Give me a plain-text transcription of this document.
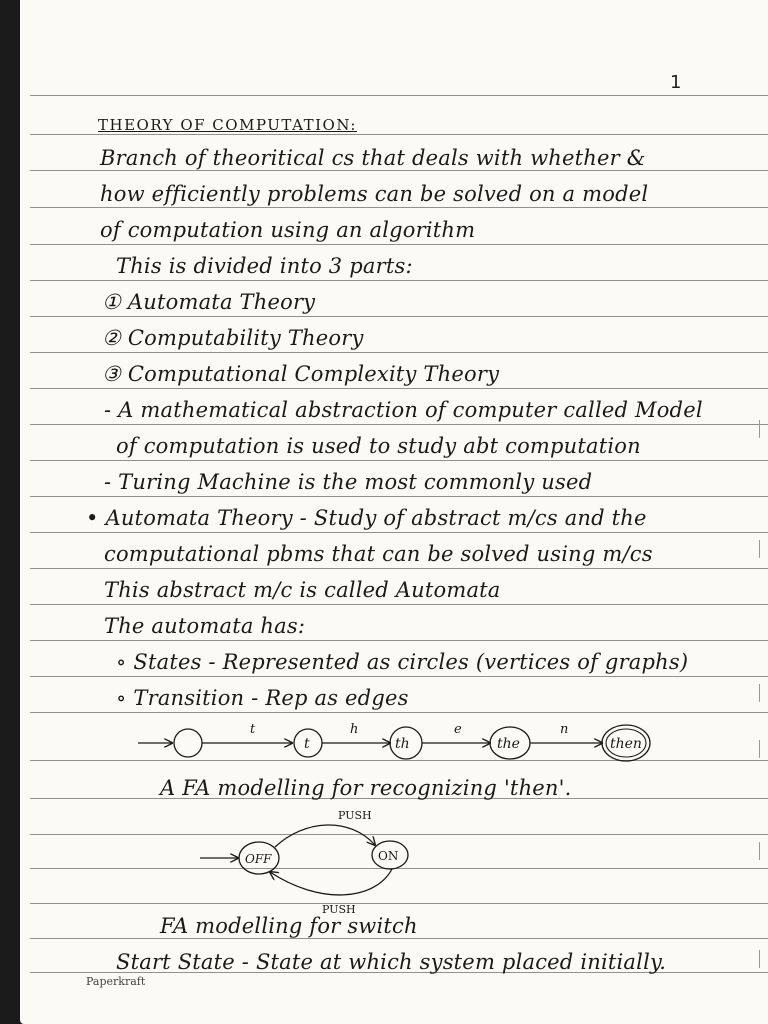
1
THEORY OF COMPUTATION:
Branch of theoritical cs that deals with whether &
how efficiently problems can be solved on a model
of computation using an algorithm
This is divided into 3 parts:
① Automata Theory
② Computability Theory
③ Computational Complexity Theory
- A mathematical abstraction of computer called Model
of computation is used to study abt computation
- Turing Machine is the most commonly used
• Automata Theory - Study of abstract m/cs and the
computational pbms that can be solved using m/cs
This abstract m/c is called Automata
The automata has:
∘ States - Represented as circles (vertices of graphs)
∘ Transition - Rep as edges
t
t
h
th
e
the
n
then
A FA modelling for recognizing 'then'.
PUSH
OFF	ON
PUSH
FA modelling for switch
Start State - State at which system placed initially.
Paperkraft
